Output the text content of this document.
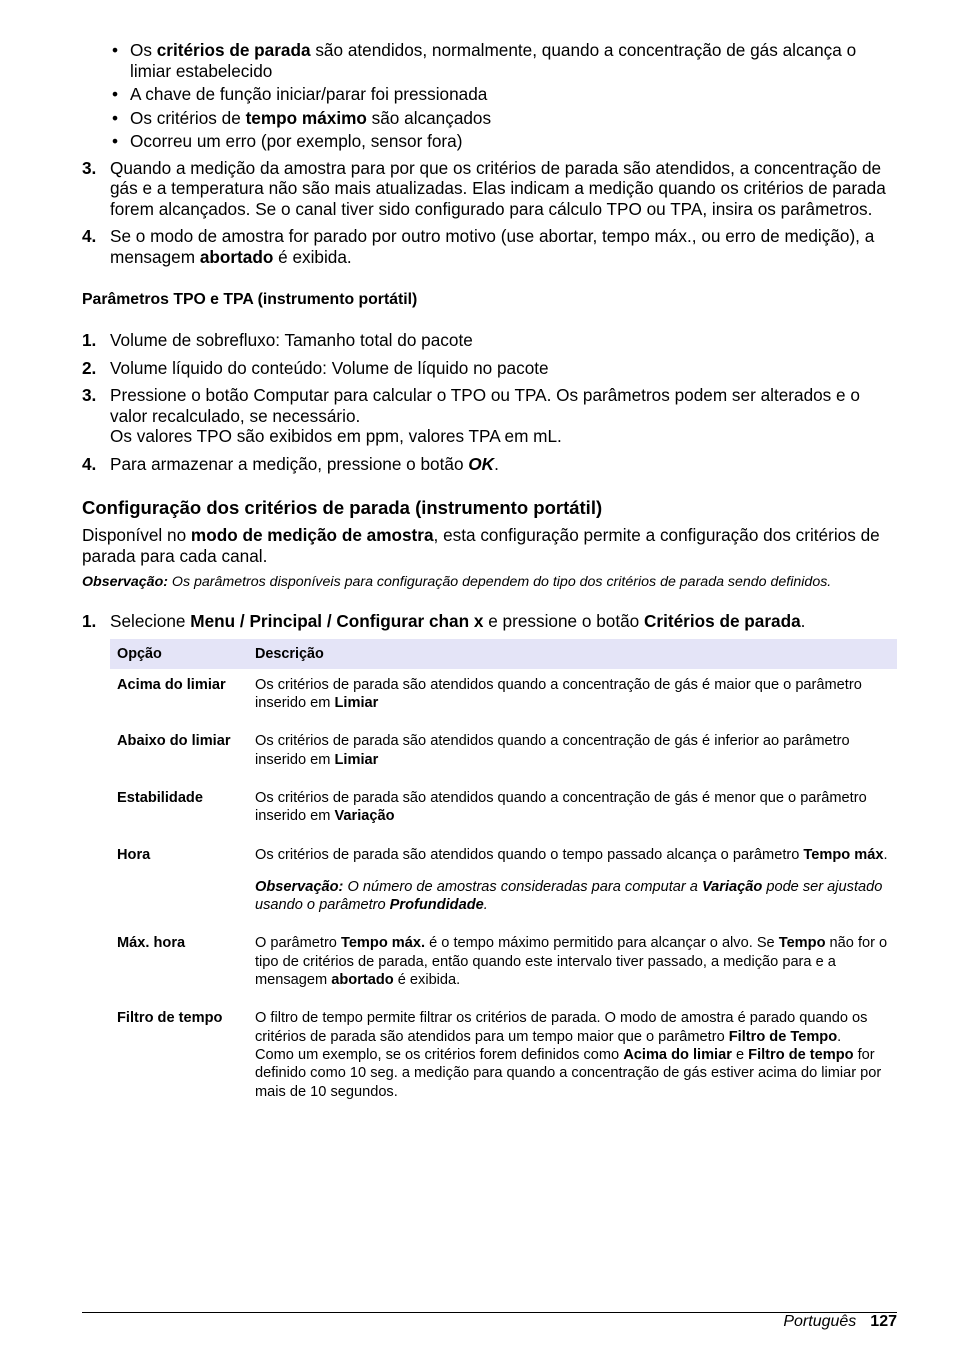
• Os critérios de parada são atendidos, normalmente, quando a concentração de gás alcança o limiar estabelecido
• A chave de função iniciar/parar foi pressionada
• Os critérios de tempo máximo são alcançados
• Ocorreu um erro (por exemplo, sensor fora)
3. Quando a medição da amostra para por que os critérios de parada são atendidos, a concentração de gás e a temperatura não são mais atualizadas. Elas indicam a medição quando os critérios de parada forem alcançados. Se o canal tiver sido configurado para cálculo TPO ou TPA, insira os parâmetros.
4. Se o modo de amostra for parado por outro motivo (use abortar, tempo máx., ou erro de medição), a mensagem abortado é exibida.
Parâmetros TPO e TPA (instrumento portátil)
1. Volume de sobrefluxo: Tamanho total do pacote
2. Volume líquido do conteúdo: Volume de líquido no pacote
3. Pressione o botão Computar para calcular o TPO ou TPA. Os parâmetros podem ser alterados e o valor recalculado, se necessário.
Os valores TPO são exibidos em ppm, valores TPA em mL.
4. Para armazenar a medição, pressione o botão OK.
Configuração dos critérios de parada (instrumento portátil)

Disponível no modo de medição de amostra, esta configuração permite a configuração dos critérios de parada para cada canal.

Observação: Os parâmetros disponíveis para configuração dependem do tipo dos critérios de parada sendo definidos.

1. Selecione Menu / Principal / Configurar chan x e pressione o botão Critérios de parada.
Opção	Descrição
Acima do limiar	Os critérios de parada são atendidos quando a concentração de gás é maior que o parâmetro inserido em Limiar
Abaixo do limiar	Os critérios de parada são atendidos quando a concentração de gás é inferior ao parâmetro inserido em Limiar
Estabilidade	Os critérios de parada são atendidos quando a concentração de gás é menor que o parâmetro inserido em Variação
Hora	Os critérios de parada são atendidos quando o tempo passado alcança o parâmetro Tempo máx.
Observação: O número de amostras consideradas para computar a Variação pode ser ajustado usando o parâmetro Profundidade.

Máx. hora	O parâmetro Tempo máx. é o tempo máximo permitido para alcançar o alvo. Se Tempo não for o tipo de critérios de parada, então quando este intervalo tiver passado, a medição para e a mensagem abortado é exibida.
Filtro de tempo	O filtro de tempo permite filtrar os critérios de parada. O modo de amostra é parado quando os critérios de parada são atendidos para um tempo maior que o parâmetro Filtro de Tempo.
Como um exemplo, se os critérios forem definidos como Acima do limiar e Filtro de tempo for definido como 10 seg. a medição para quando a concentração de gás estiver acima do limiar por mais de 10 segundos.
Português 127
